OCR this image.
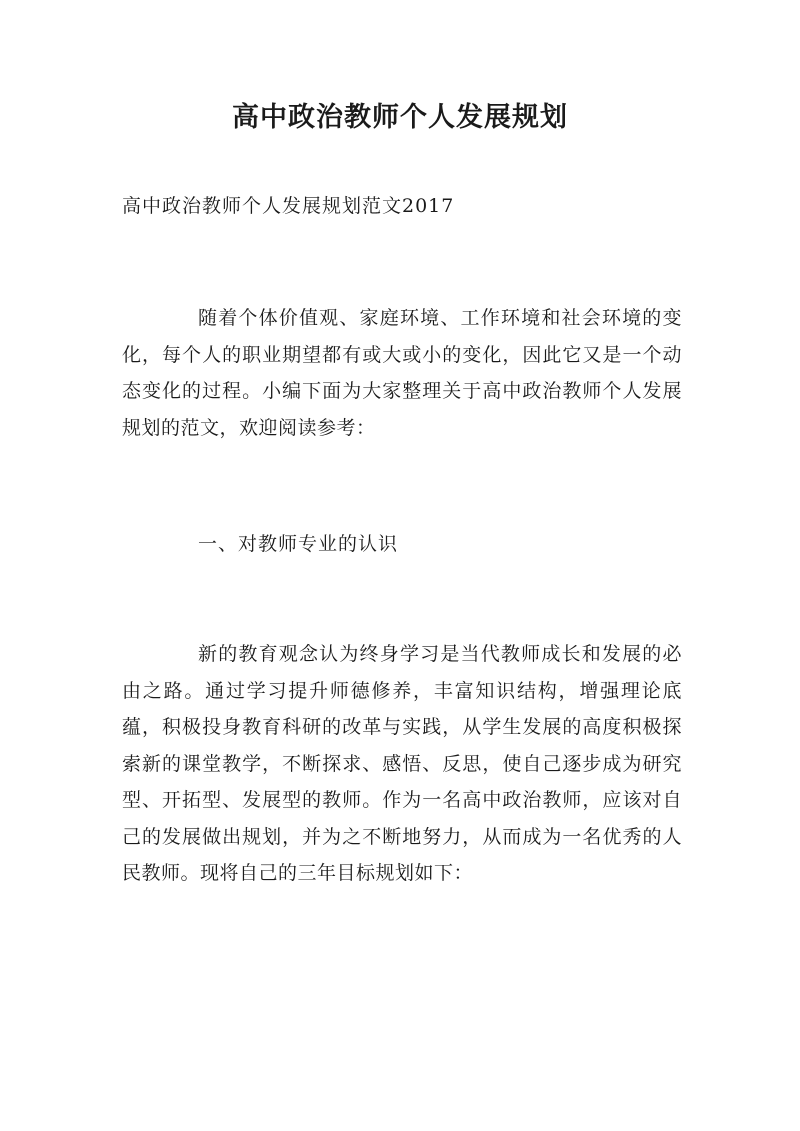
高中政治教师个人发展规划
高中政治教师个人发展规划范文2017

随着个体价值观、家庭环境、工作环境和社会环境的变化，每个人的职业期望都有或大或小的变化，因此它又是一个动态变化的过程。小编下面为大家整理关于高中政治教师个人发展规划的范文，欢迎阅读参考：

一、对教师专业的认识

新的教育观念认为终身学习是当代教师成长和发展的必由之路。通过学习提升师德修养，丰富知识结构，增强理论底蕴，积极投身教育科研的改革与实践，从学生发展的高度积极探索新的课堂教学，不断探求、感悟、反思，使自己逐步成为研究型、开拓型、发展型的教师。作为一名高中政治教师，应该对自己的发展做出规划，并为之不断地努力，从而成为一名优秀的人民教师。现将自己的三年目标规划如下：
